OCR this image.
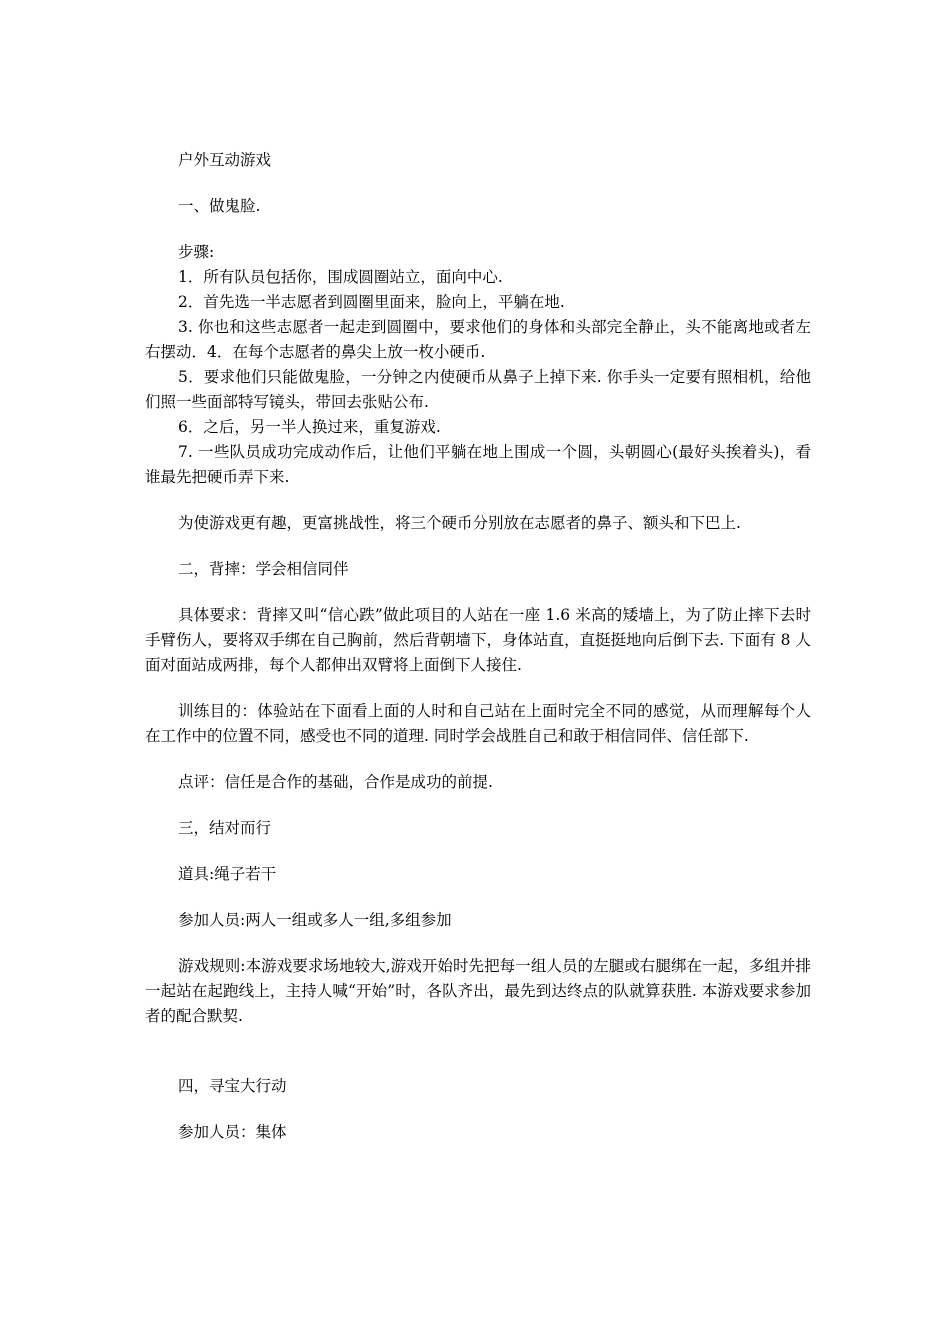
户外互动游戏

一、做鬼脸.

步骤:

1．所有队员包括你，围成圆圈站立，面向中心.

2．首先选一半志愿者到圆圈里面来，脸向上，平躺在地.

3. 你也和这些志愿者一起走到圆圈中，要求他们的身体和头部完全静止，头不能离地或者左右摆动．4．在每个志愿者的鼻尖上放一枚小硬币.

5．要求他们只能做鬼脸，一分钟之内使硬币从鼻子上掉下来. 你手头一定要有照相机，给他们照一些面部特写镜头，带回去张贴公布.

6．之后，另一半人换过来，重复游戏.

7. 一些队员成功完成动作后，让他们平躺在地上围成一个圆，头朝圆心(最好头挨着头)，看谁最先把硬币弄下来.

为使游戏更有趣，更富挑战性，将三个硬币分别放在志愿者的鼻子、额头和下巴上.

二，背摔：学会相信同伴

具体要求：背摔又叫“信心跌”做此项目的人站在一座 1.6 米高的矮墙上，为了防止摔下去时手臂伤人，要将双手绑在自己胸前，然后背朝墙下，身体站直，直挺挺地向后倒下去. 下面有 8 人面对面站成两排，每个人都伸出双臂将上面倒下人接住.

训练目的：体验站在下面看上面的人时和自己站在上面时完全不同的感觉，从而理解每个人在工作中的位置不同，感受也不同的道理. 同时学会战胜自己和敢于相信同伴、信任部下.

点评：信任是合作的基础，合作是成功的前提.

三，结对而行

道具:绳子若干

参加人员:两人一组或多人一组,多组参加

游戏规则:本游戏要求场地较大,游戏开始时先把每一组人员的左腿或右腿绑在一起，多组并排一起站在起跑线上，主持人喊“开始”时，各队齐出，最先到达终点的队就算获胜. 本游戏要求参加者的配合默契.

四，寻宝大行动

参加人员：集体
